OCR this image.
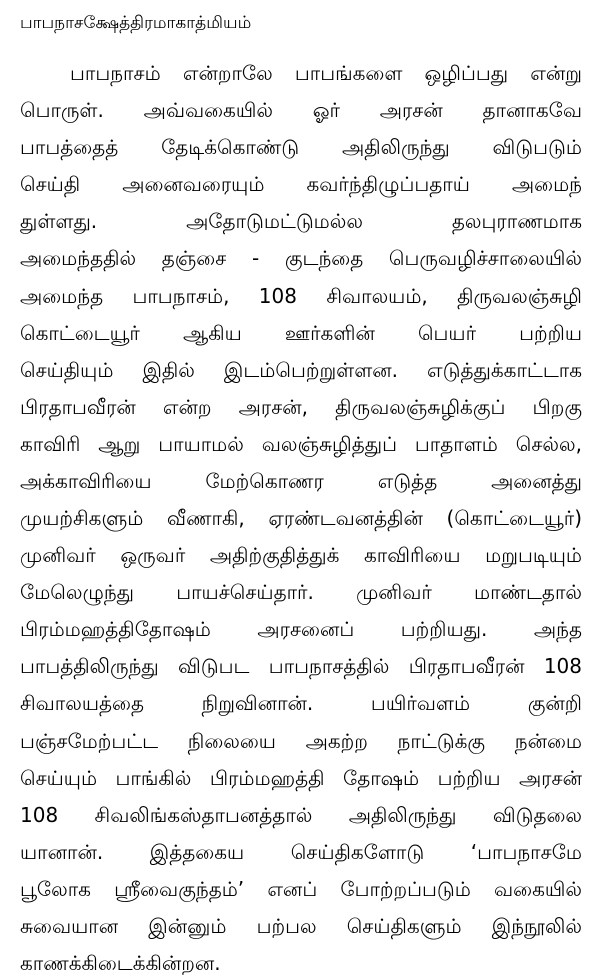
பாபநாசக்ஷேத்திரமாகாத்மியம்
பாபநாசம் என்றாலே பாபங்களை ஒழிப்பது என்று
பொருள். அவ்வகையில் ஓர் அரசன் தானாகவே
பாபத்தைத் தேடிக்கொண்டு அதிலிருந்து விடுபடும்
செய்தி அனைவரையும் கவர்ந்திழுப்பதாய் அமைந்
துள்ளது. அதோடுமட்டுமல்ல தலபுராணமாக
அமைந்ததில் தஞ்சை - குடந்தை பெருவழிச்சாலையில்
அமைந்த பாபநாசம், 108 சிவாலயம், திருவலஞ்சுழி
கொட்டையூர் ஆகிய ஊர்களின் பெயர் பற்றிய
செய்தியும் இதில் இடம்பெற்றுள்ளன. எடுத்துக்காட்டாக
பிரதாபவீரன் என்ற அரசன், திருவலஞ்சுழிக்குப் பிறகு
காவிரி ஆறு பாயாமல் வலஞ்சுழித்துப் பாதாளம் செல்ல,
அக்காவிரியை மேற்கொணர எடுத்த அனைத்து
முயற்சிகளும் வீணாகி, ஏரண்டவனத்தின் (கொட்டையூர்)
முனிவர் ஒருவர் அதிற்குதித்துக் காவிரியை மறுபடியும்
மேலெழுந்து பாயச்செய்தார். முனிவர் மாண்டதால்
பிரம்மஹத்திதோஷம் அரசனைப் பற்றியது. அந்த
பாபத்திலிருந்து விடுபட பாபநாசத்தில் பிரதாபவீரன் 108
சிவாலயத்தை நிறுவினான். பயிர்வளம் குன்றி
பஞ்சமேற்பட்ட நிலையை அகற்ற நாட்டுக்கு நன்மை
செய்யும் பாங்கில் பிரம்மஹத்தி தோஷம் பற்றிய அரசன்
108 சிவலிங்கஸ்தாபனத்தால் அதிலிருந்து விடுதலை
யானான். இத்தகைய செய்திகளோடு ‘பாபநாசமே
பூலோக ஸ்ரீவைகுந்தம்’ எனப் போற்றப்படும் வகையில்
சுவையான இன்னும் பற்பல செய்திகளும் இந்நூலில்
காணக்கிடைக்கின்றன.
